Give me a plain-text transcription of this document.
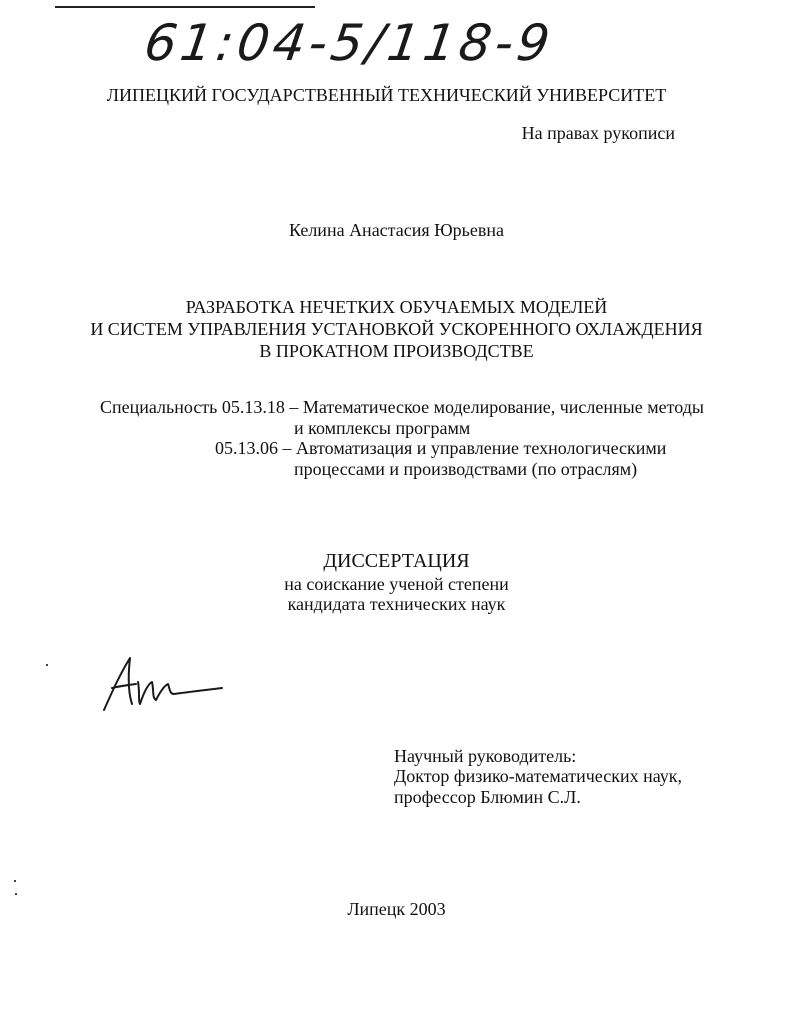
61:04-5/118-9
ЛИПЕЦКИЙ ГОСУДАРСТВЕННЫЙ ТЕХНИЧЕСКИЙ УНИВЕРСИТЕТ
На правах рукописи
Келина Анастасия Юрьевна
РАЗРАБОТКА НЕЧЕТКИХ ОБУЧАЕМЫХ МОДЕЛЕЙ
И СИСТЕМ УПРАВЛЕНИЯ УСТАНОВКОЙ УСКОРЕННОГО ОХЛАЖДЕНИЯ
В ПРОКАТНОМ ПРОИЗВОДСТВЕ
Специальность 05.13.18 – Математическое моделирование, численные методы
и комплексы программ
05.13.06 – Автоматизация и управление технологическими
процессами и производствами (по отраслям)
ДИССЕРТАЦИЯ
на соискание ученой степени
кандидата технических наук
Научный руководитель:
Доктор физико-математических наук,
профессор Блюмин С.Л.
Липецк 2003
